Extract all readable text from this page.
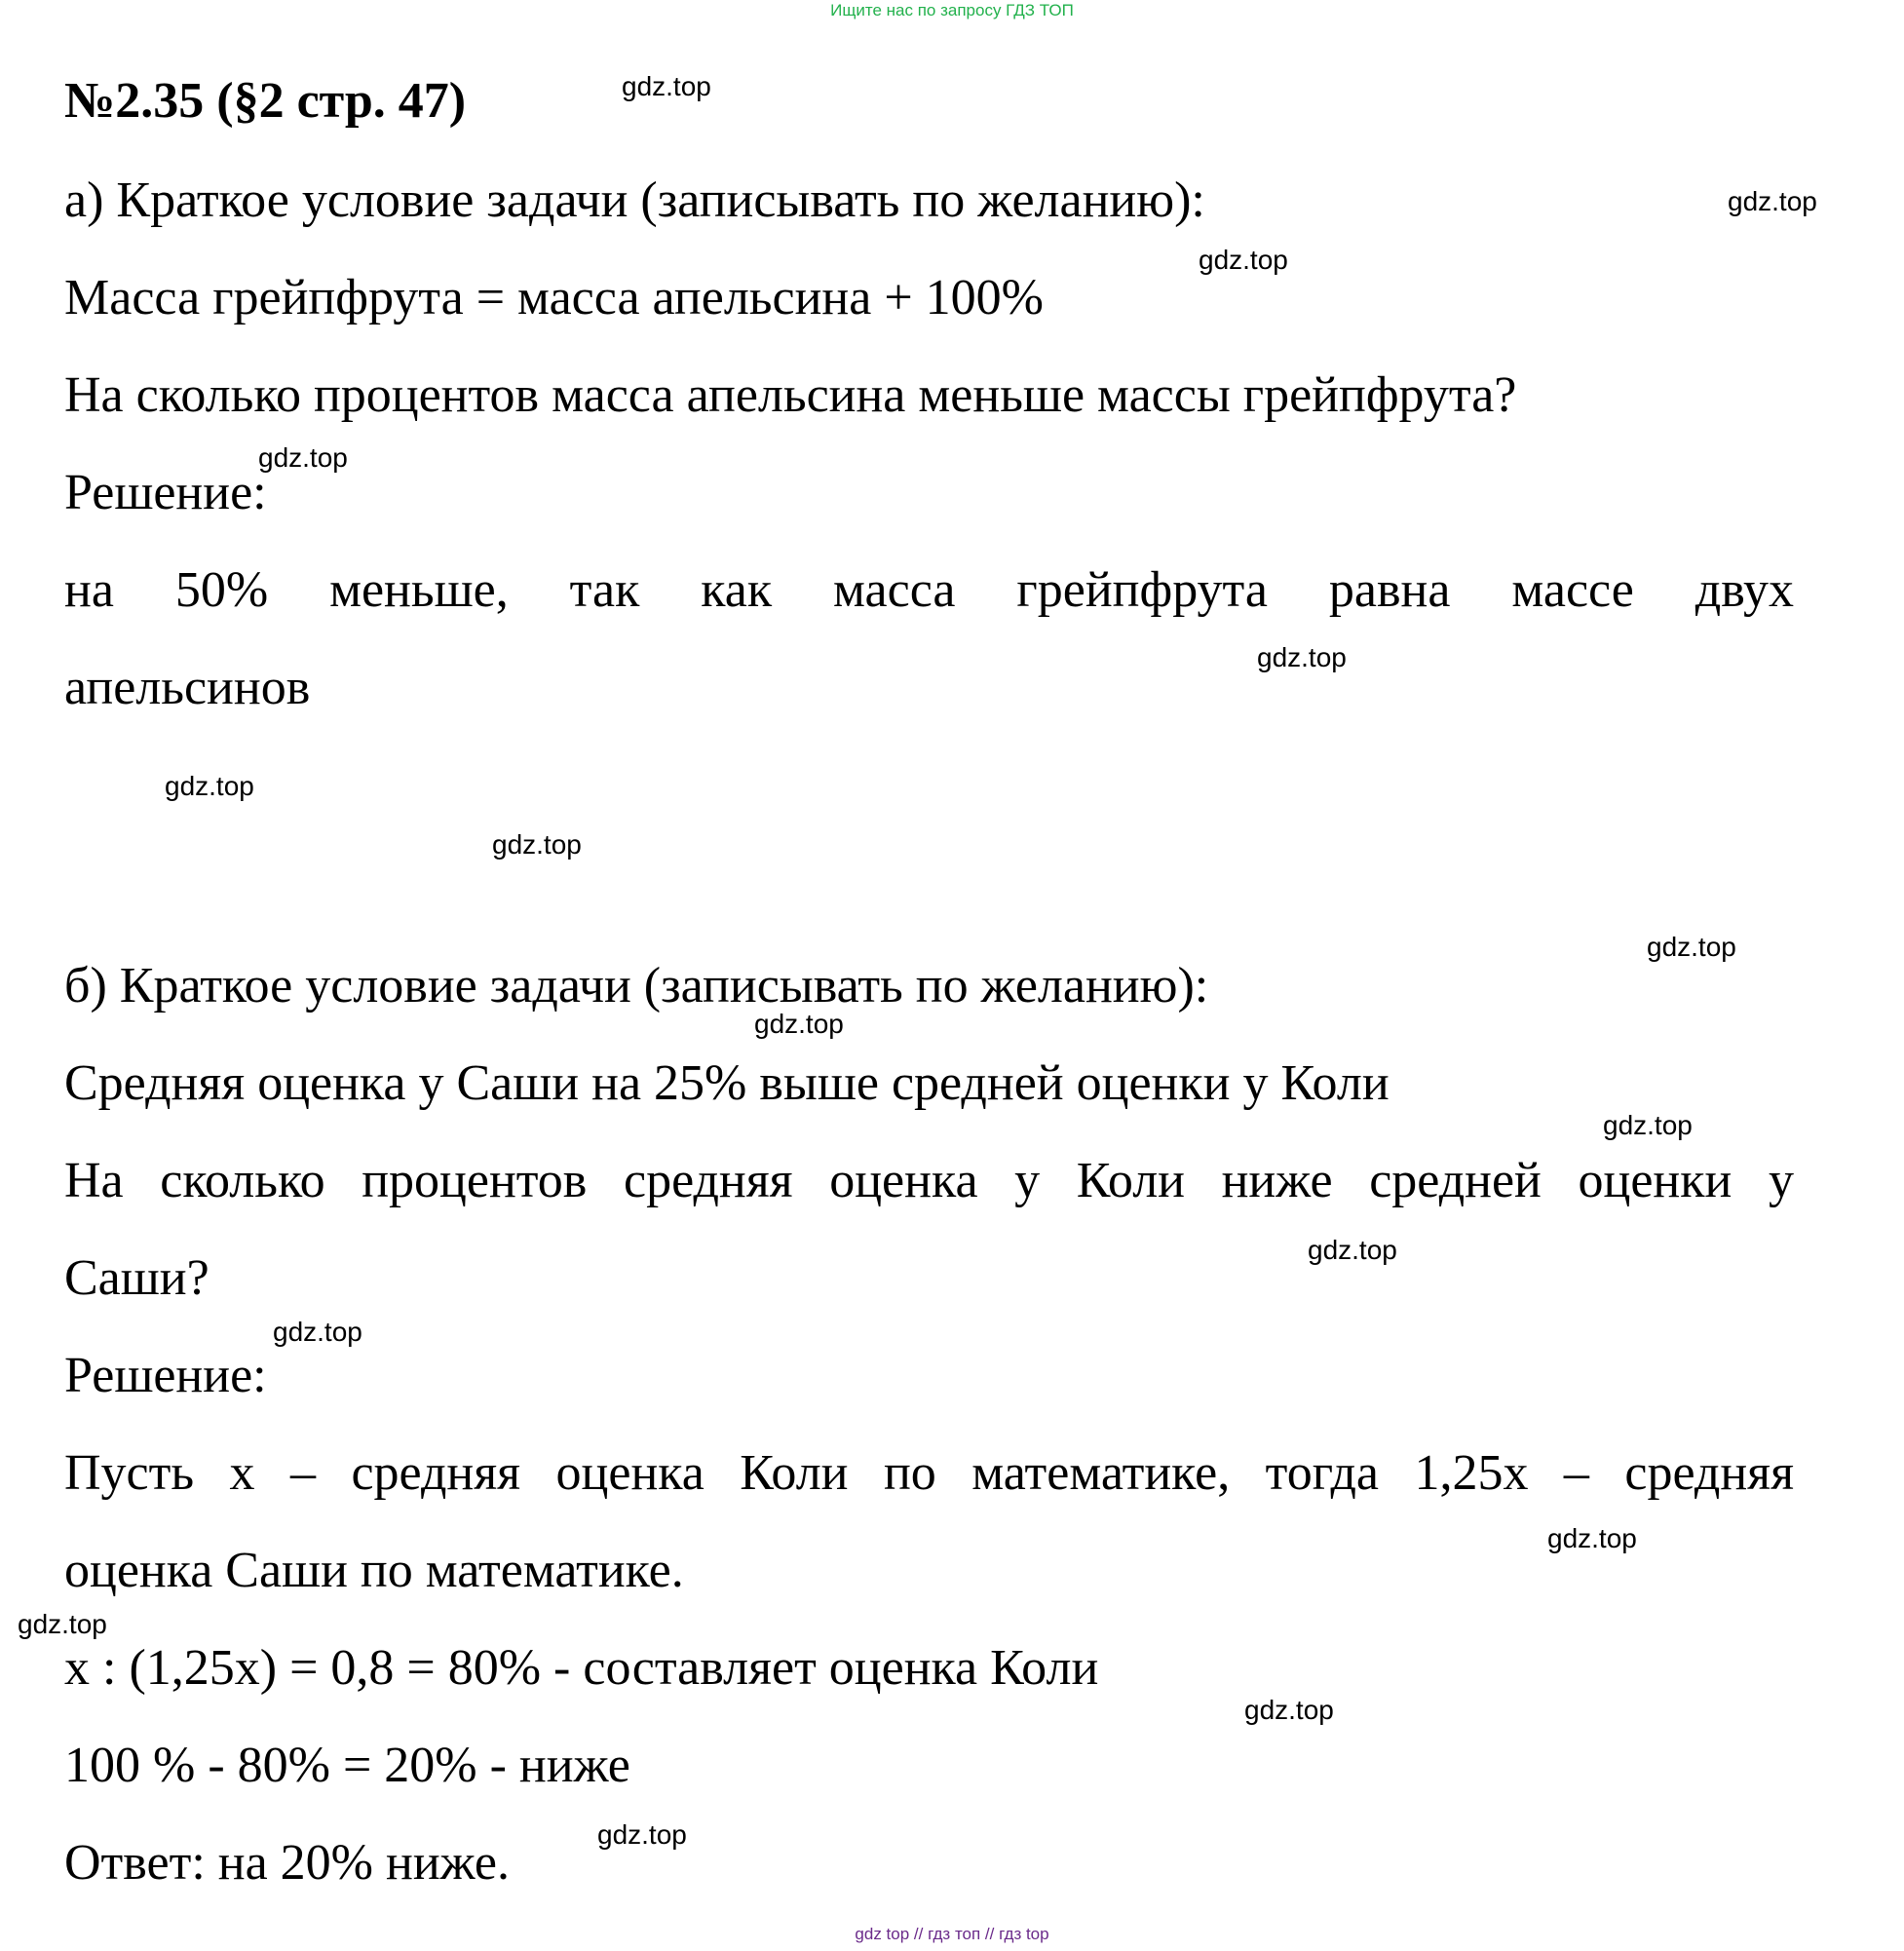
Ищите нас по запросу ГДЗ ТОП
№2.35 (§2 стр. 47)
а) Краткое условие задачи (записывать по желанию):
Масса грейпфрута = масса апельсина + 100%
На сколько процентов масса апельсина меньше массы грейпфрута?
Решение:
на 50% меньше, так как масса грейпфрута равна массе двух
апельсинов
б) Краткое условие задачи (записывать по желанию):
Средняя оценка у Саши на 25% выше средней оценки у Коли
На сколько процентов средняя оценка у Коли ниже средней оценки у
Саши?
Решение:
Пусть х – средняя оценка Коли по математике, тогда 1,25х – средняя
оценка Саши по математике.
х : (1,25х) = 0,8 = 80% - составляет оценка Коли
100 % - 80% = 20% - ниже
Ответ: на 20% ниже.
gdz.top
gdz.top
gdz.top
gdz.top
gdz.top
gdz.top
gdz.top
gdz.top
gdz.top
gdz.top
gdz.top
gdz.top
gdz.top
gdz.top
gdz.top
gdz.top
gdz top // гдз топ // гдз top
